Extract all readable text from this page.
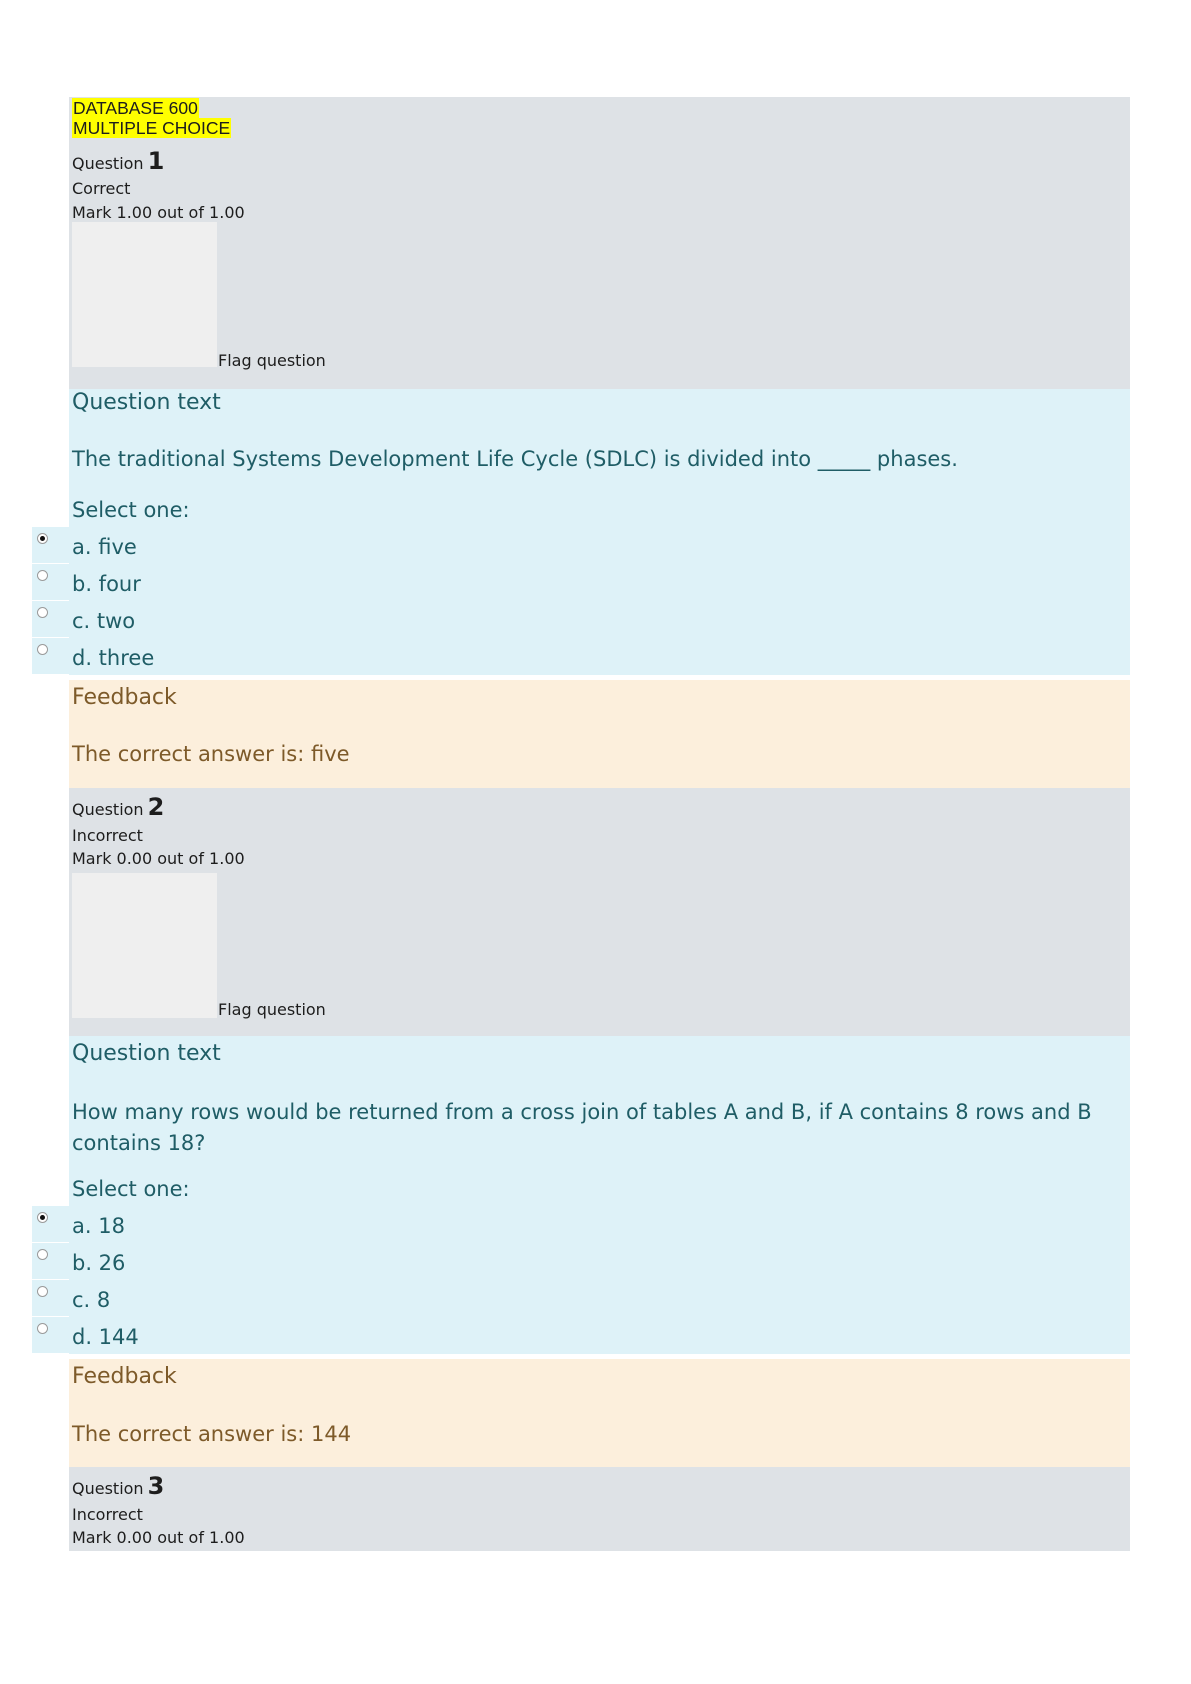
DATABASE 600
MULTIPLE CHOICE
Question 1
Correct
Mark 1.00 out of 1.00
Flag question
Question text
The traditional Systems Development Life Cycle (SDLC) is divided into _____ phases.
Select one:
a. five
b. four
c. two
d. three
Feedback
The correct answer is: five
Question 2
Incorrect
Mark 0.00 out of 1.00
Flag question
Question text
How many rows would be returned from a cross join of tables A and B, if A contains 8 rows and B contains 18?
Select one:
a. 18
b. 26
c. 8
d. 144
Feedback
The correct answer is: 144
Question 3
Incorrect
Mark 0.00 out of 1.00
